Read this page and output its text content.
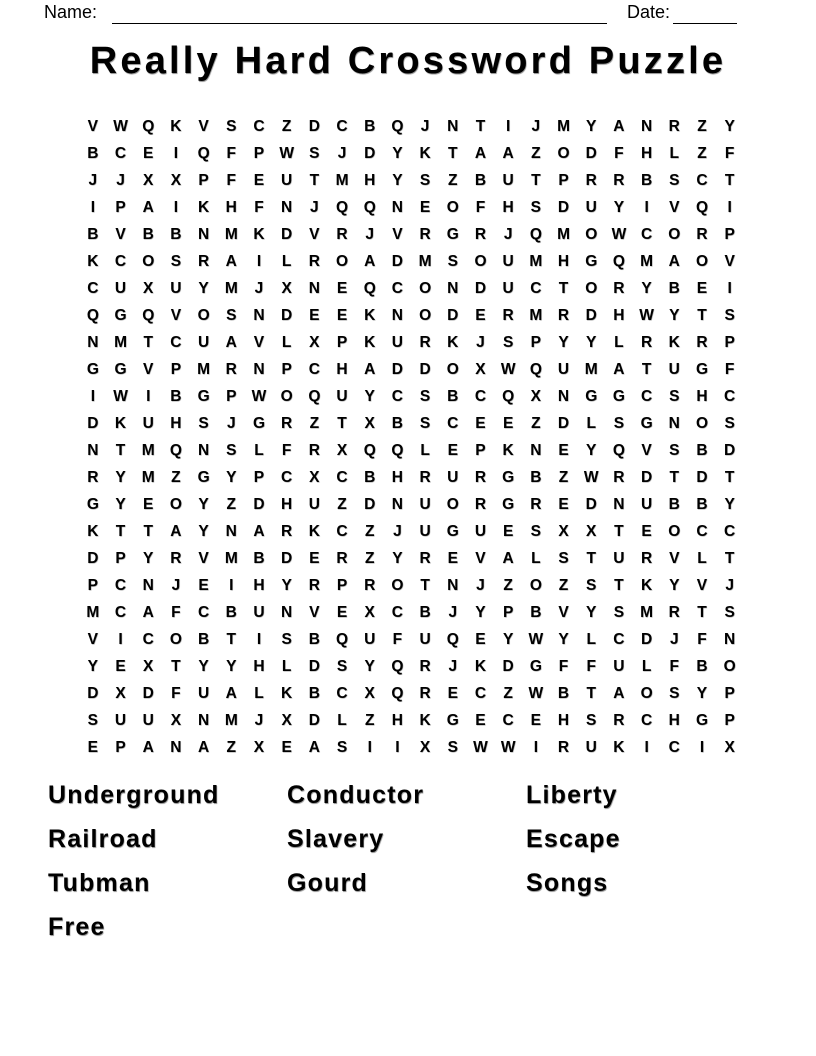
Name:	Date:
Really Hard Crossword Puzzle
V W Q	K	V	S	C	Z	D	C	B	Q	J	N	T	I	J	M	Y	A	N	R	Z	Y
B	C	E	I	Q	F	P W S	J	D	Y	K	T	A	A	Z	O	D	F	H	L	Z	F
J	J	X	X	P	F	E	U	T	M	H	Y	S	Z	B	U	T	P	R	R	B	S	C	T
I	P	A	I	K	H	F	N	J	Q	Q	N	E	O	F	H	S	D	U	Y	I	V	Q	I
B	V	B	B	N	M	K	D	V	R	J	V	R	G	R	J	Q M O W C	O	R	P
K	C	O	S	R	A	I	L	R	O	A	D	M	S	O	U	M	H	G	Q M	A	O	V
C	U	X	U	Y	M	J	X	N	E	Q	C	O	N	D	U	C	T	O	R	Y	B	E	I
Q	G	Q	V	O	S	N	D	E	E	K	N	O	D	E	R	M	R	D	H W Y	T	S
N	M	T	C	U	A	V	L	X	P	K	U	R	K	J	S	P	Y	Y	L	R	K	R	P
G	G	V	P	M	R	N	P	C	H	A	D	D	O	X W Q	U	M	A	T	U	G	F
I	W	I	B	G	P W O	Q	U	Y	C	S	B	C	Q	X	N	G	G	C	S	H	C
D	K	U	H	S	J	G	R	Z	T	X	B	S	C	E	E	Z	D	L	S	G	N	O	S
N	T	M Q	N	S	L	F	R	X	Q	Q	L	E	P	K	N	E	Y	Q	V	S	B	D
R	Y	M	Z	G	Y	P	C	X	C	B	H	R	U	R	G	B	Z	W R	D	T	D	T
G	Y	E	O	Y	Z	D	H	U	Z	D	N	U	O	R	G	R	E	D	N	U	B	B	Y
K	T	T	A	Y	N	A	R	K	C	Z	J	U	G	U	E	S	X	X	T	E	O	C	C
D	P	Y	R	V	M	B	D	E	R	Z	Y	R	E	V	A	L	S	T	U	R	V	L	T
P	C	N	J	E	I	H	Y	R	P	R	O	T	N	J	Z	O	Z	S	T	K	Y	V	J
M	C	A	F	C	B	U	N	V	E	X	C	B	J	Y	P	B	V	Y	S	M	R	T	S
V	I	C	O	B	T	I	S	B	Q	U	F	U	Q	E	Y W Y	L	C	D	J	F	N
Y	E	X	T	Y	Y	H	L	D	S	Y	Q	R	J	K	D	G	F	F	U	L	F	B	O
D	X	D	F	U	A	L	K	B	C	X	Q	R	E	C	Z	W B	T	A	O	S	Y	P
S	U	U	X	N	M	J	X	D	L	Z	H	K	G	E	C	E	H	S	R	C	H	G	P
E	P	A	N	A	Z	X	E	A	S	I	I	X	S W W	I	R	U	K	I	C	I	X
Underground
Railroad
Tubman
Free
Conductor
Slavery
Gourd
Liberty
Escape
Songs
